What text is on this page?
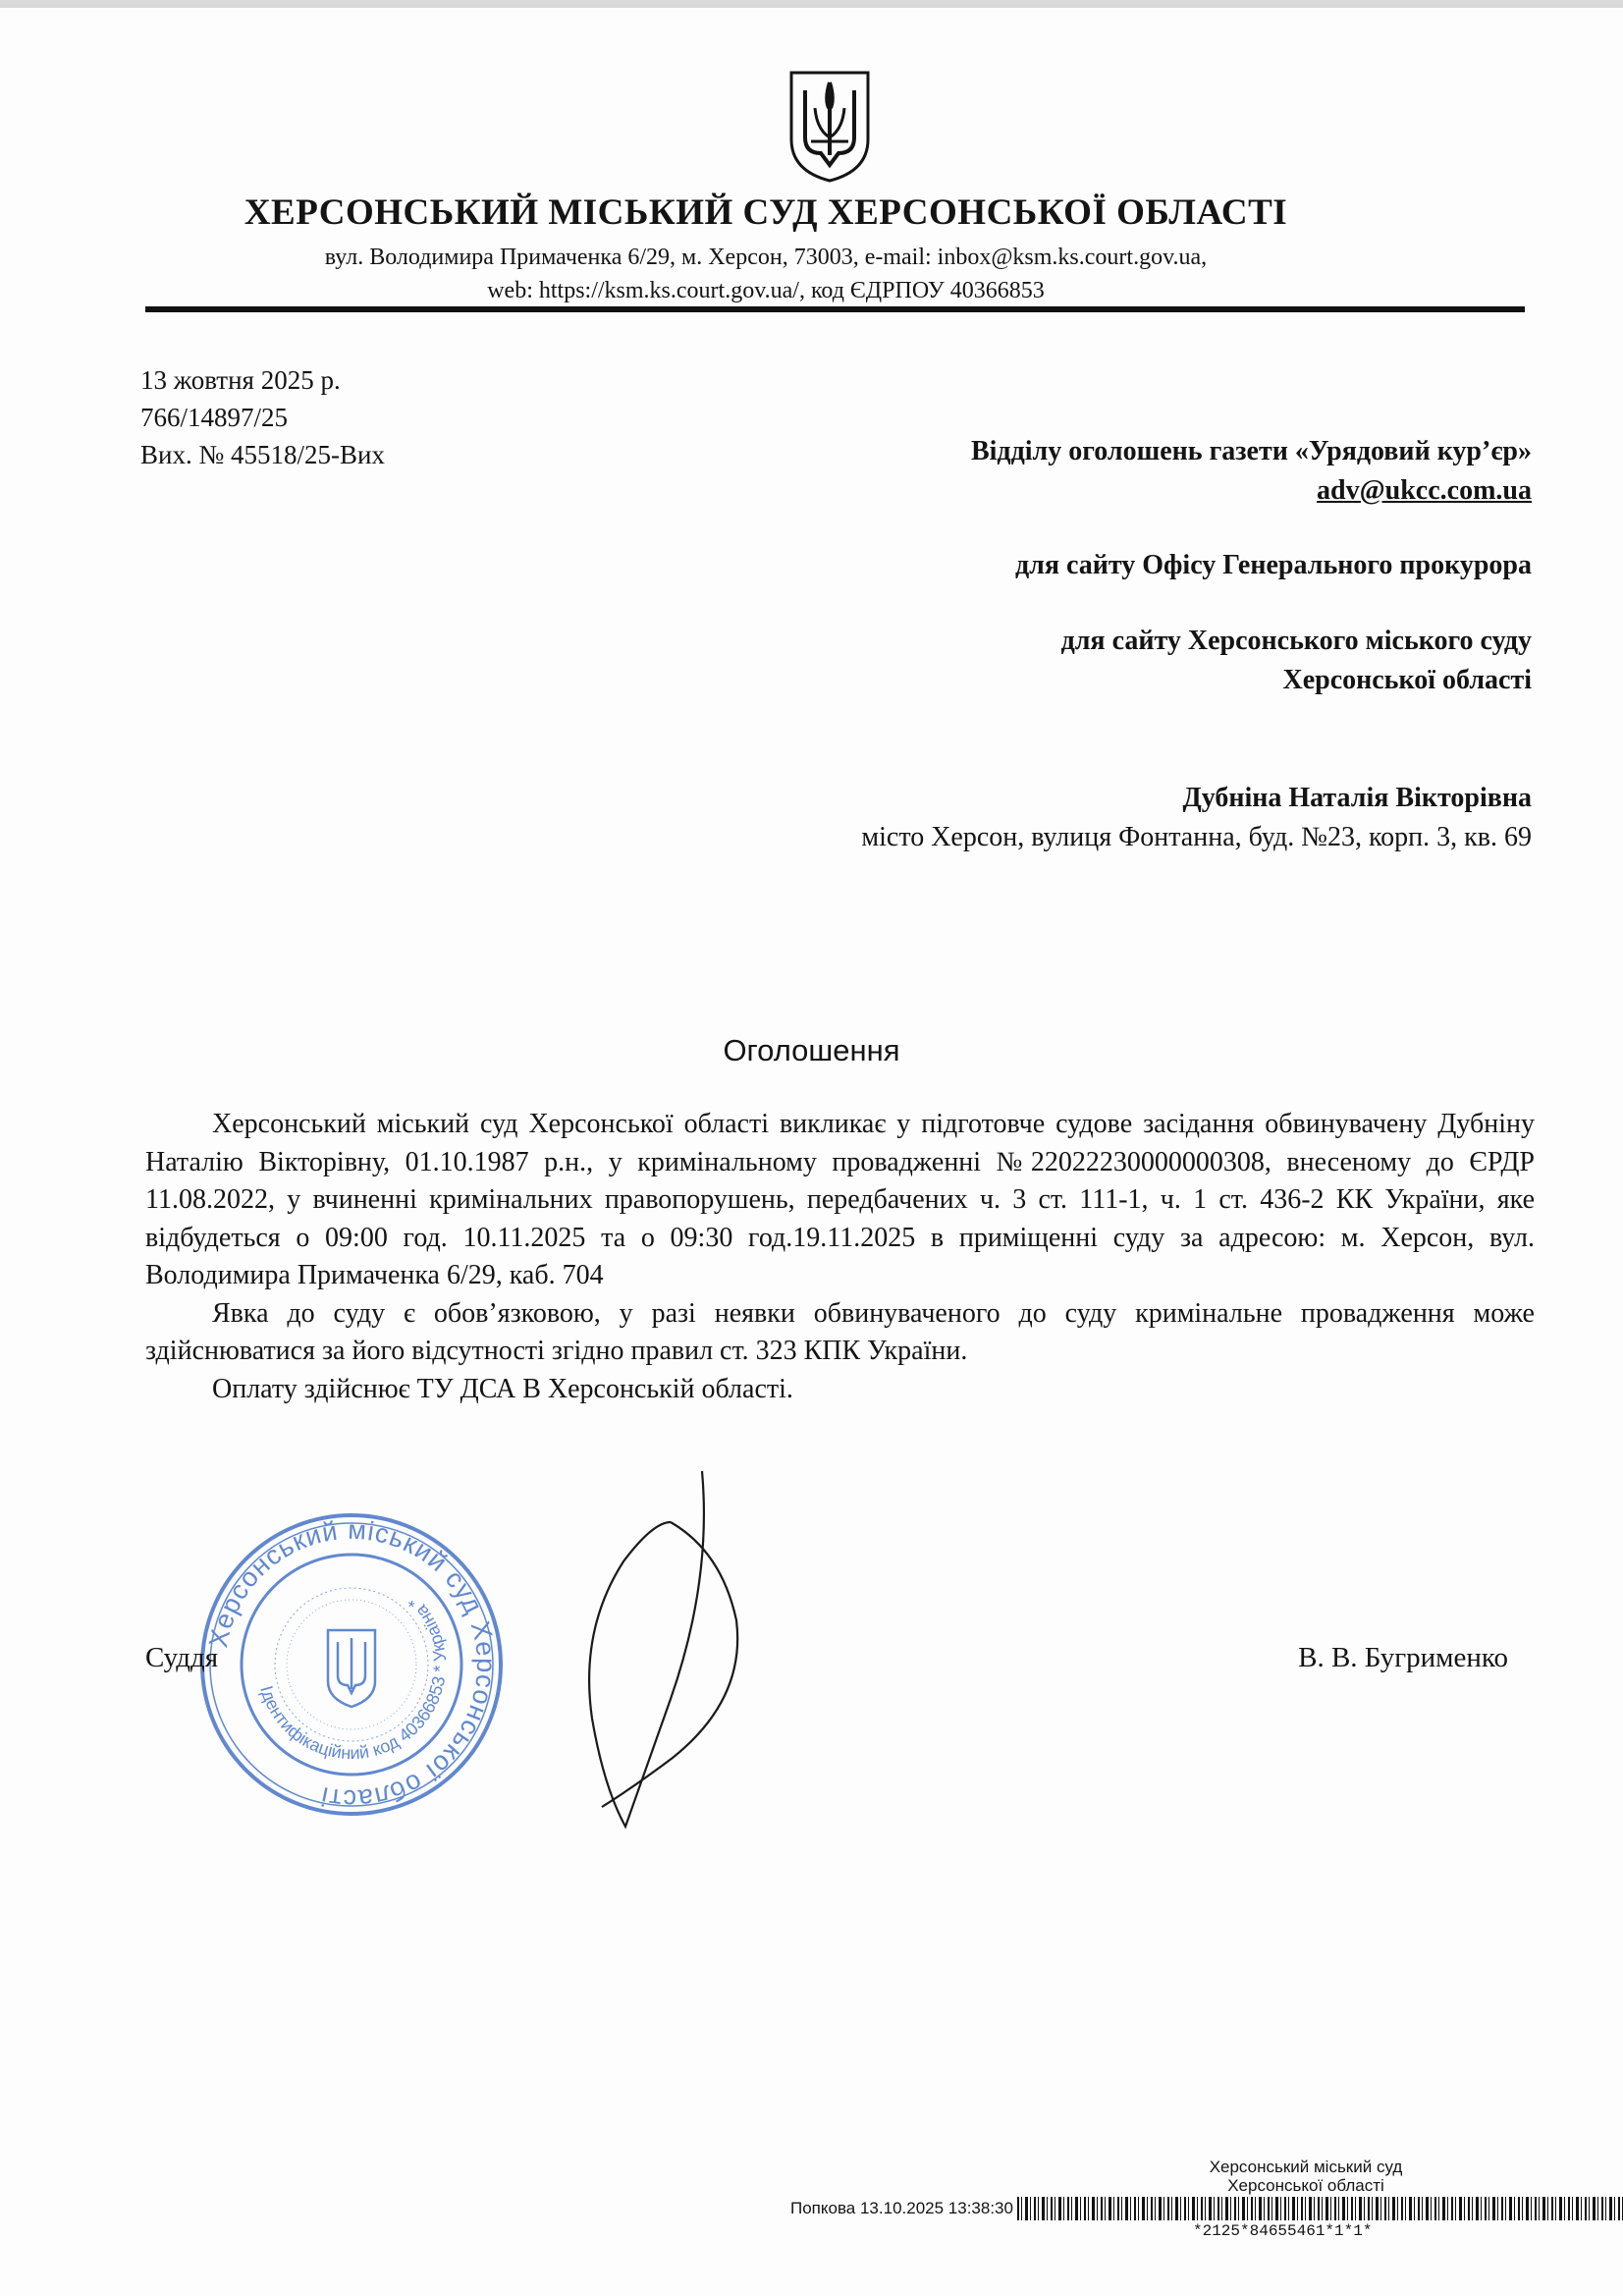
ХЕРСОНСЬКИЙ МІСЬКИЙ СУД ХЕРСОНСЬКОЇ ОБЛАСТІ
вул. Володимира Примаченка 6/29, м. Херсон, 73003, e-mail: inbox@ksm.ks.court.gov.ua,
web: https://ksm.ks.court.gov.ua/, код ЄДРПОУ 40366853
13 жовтня 2025 р.
766/14897/25
Вих. № 45518/25-Вих	Відділу оголошень газети «Урядовий кур’єр»
adv@ukcc.com.ua
для сайту Офісу Генерального прокурора
для сайту Херсонського міського суду
Херсонської області
Дубніна Наталія Вікторівна
місто Херсон, вулиця Фонтанна, буд. №23, корп. 3, кв. 69
Оголошення

Херсонський міський суд Херсонської області викликає у підготовче судове засідання обвинувачену Дубніну Наталію Вікторівну, 01.10.1987 р.н., у кримінальному провадженні №22022230000000308, внесеному до ЄРДР 11.08.2022, у вчиненні кримінальних правопорушень, передбачених ч. 3 ст. 111-1, ч. 1 ст. 436-2 КК України, яке відбудеться о 09:00 год. 10.11.2025 та о 09:30 год.19.11.2025 в приміщенні суду за адресою: м. Херсон, вул. Володимира Примаченка 6/29, каб. 704

Явка до суду є обов’язковою, у разі неявки обвинуваченого до суду кримінальне провадження може здійснюватися за його відсутності згідно правил ст. 323 КПК України.

Оплату здійснює ТУ ДСА В Херсонській області.

Херсонський міський суд Херсонської області
Ідентифікаційний код 40366853 * Україна *
Суддя	В. В. Бугрименко
Херсонський міський суд
Херсонської області
Попкова 13.10.2025 13:38:30
*2125*84655461*1*1*
